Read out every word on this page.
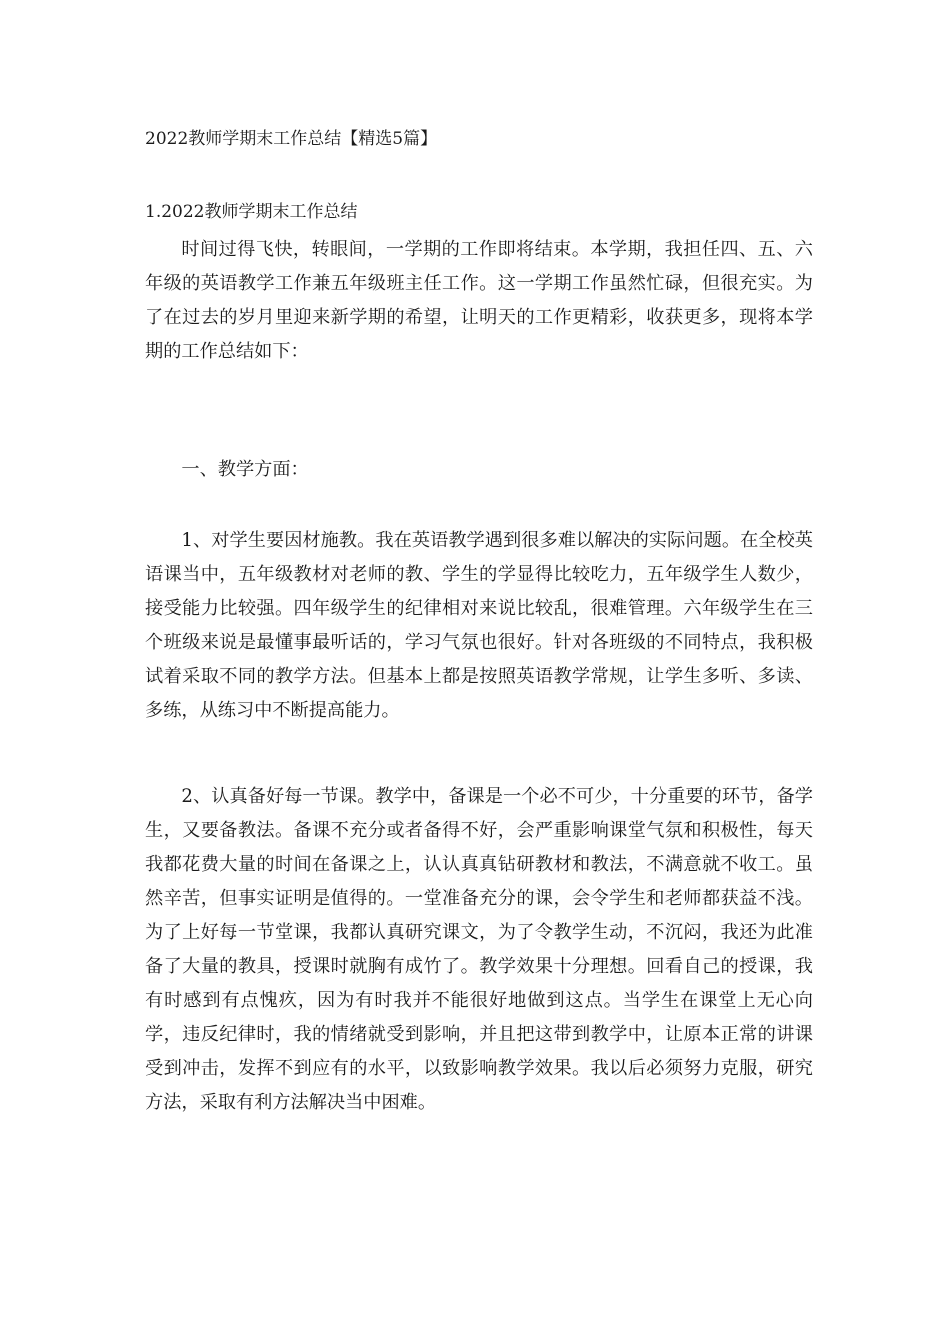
2022教师学期末工作总结【精选5篇】
1.2022教师学期末工作总结

时间过得飞快，转眼间，一学期的工作即将结束。本学期，我担任四、五、六年级的英语教学工作兼五年级班主任工作。这一学期工作虽然忙碌，但很充实。为了在过去的岁月里迎来新学期的希望，让明天的工作更精彩，收获更多，现将本学期的工作总结如下：

一、教学方面：

1、对学生要因材施教。我在英语教学遇到很多难以解决的实际问题。在全校英语课当中，五年级教材对老师的教、学生的学显得比较吃力，五年级学生人数少，接受能力比较强。四年级学生的纪律相对来说比较乱，很难管理。六年级学生在三个班级来说是最懂事最听话的，学习气氛也很好。针对各班级的不同特点，我积极试着采取不同的教学方法。但基本上都是按照英语教学常规，让学生多听、多读、多练，从练习中不断提高能力。

2、认真备好每一节课。教学中，备课是一个必不可少，十分重要的环节，备学生，又要备教法。备课不充分或者备得不好，会严重影响课堂气氛和积极性，每天我都花费大量的时间在备课之上，认认真真钻研教材和教法，不满意就不收工。虽然辛苦，但事实证明是值得的。一堂准备充分的课，会令学生和老师都获益不浅。为了上好每一节堂课，我都认真研究课文，为了令教学生动，不沉闷，我还为此准备了大量的教具，授课时就胸有成竹了。教学效果十分理想。回看自己的授课，我有时感到有点愧疚，因为有时我并不能很好地做到这点。当学生在课堂上无心向学，违反纪律时，我的情绪就受到影响，并且把这带到教学中，让原本正常的讲课受到冲击，发挥不到应有的水平，以致影响教学效果。我以后必须努力克服，研究方法，采取有利方法解决当中困难。
